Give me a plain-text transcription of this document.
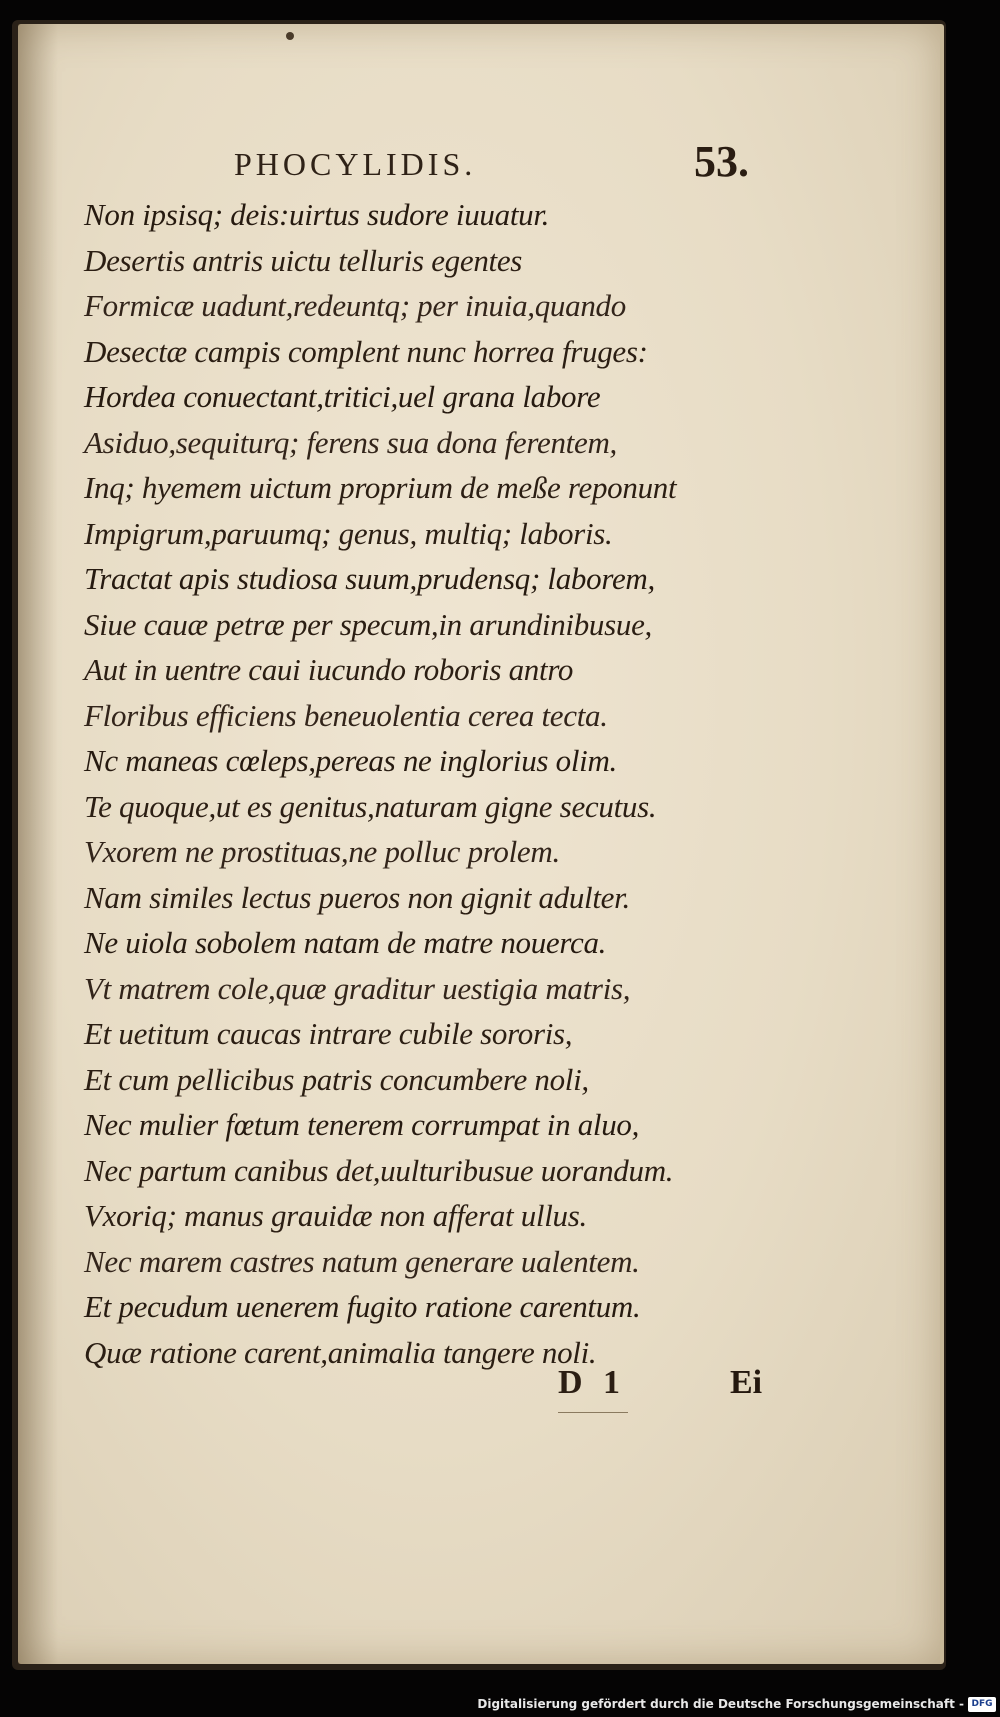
PHOCYLIDIS.	53.
Non ipsisq; deis:uirtus sudore iuuatur.
Desertis antris uictu telluris egentes
Formicæ uadunt,redeuntq; per inuia,quando
Desectæ campis complent nunc horrea fruges:
Hordea conuectant,tritici,uel grana labore
Asiduo,sequiturq; ferens sua dona ferentem,
Inq; hyemem uictum proprium de meße reponunt
Impigrum,paruumq; genus, multiq; laboris.
Tractat apis studiosa suum,prudensq; laborem,
Siue cauæ petræ per specum,in arundinibusue,
Aut in uentre caui iucundo roboris antro
Floribus efficiens beneuolentia cerea tecta.
Nc maneas cœleps,pereas ne inglorius olim.
Te quoque,ut es genitus,naturam gigne secutus.
Vxorem ne prostituas,ne polluc prolem.
Nam similes lectus pueros non gignit adulter.
Ne uiola sobolem natam de matre nouerca.
Vt matrem cole,quæ graditur uestigia matris,
Et uetitum caucas intrare cubile sororis,
Et cum pellicibus patris concumbere noli,
Nec mulier fœtum tenerem corrumpat in aluo,
Nec partum canibus det,uulturibusue uorandum.
Vxoriq; manus grauidæ non afferat ullus.
Nec marem castres natum generare ualentem.
Et pecudum uenerem fugito ratione carentum.
Quæ ratione carent,animalia tangere noli.
D 1	Ei
Digitalisierung gefördert durch die Deutsche Forschungsgemeinschaft - DFG
